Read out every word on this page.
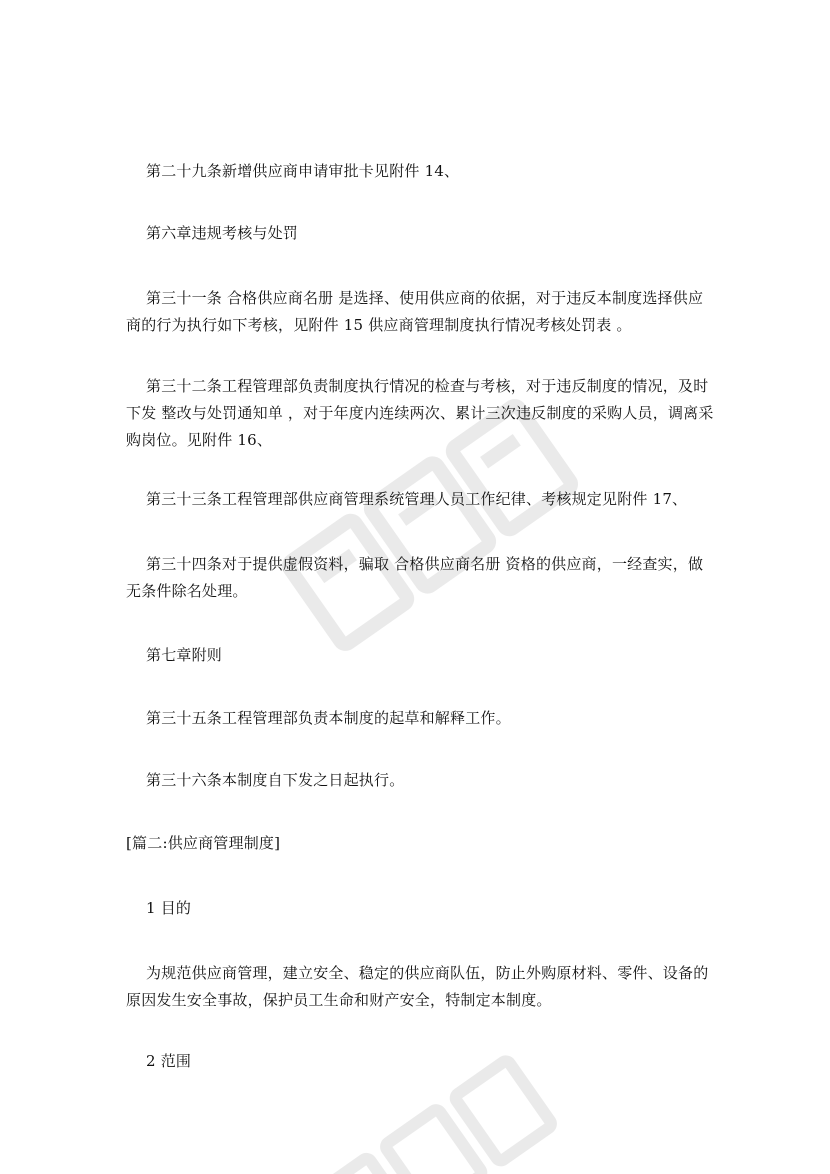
第二十九条新增供应商申请审批卡见附件 14、

第六章违规考核与处罚

第三十一条 合格供应商名册 是选择、使用供应商的依据，对于违反本制度选择供应商的行为执行如下考核，见附件 15 供应商管理制度执行情况考核处罚表 。

第三十二条工程管理部负责制度执行情况的检查与考核，对于违反制度的情况，及时下发 整改与处罚通知单 ，对于年度内连续两次、累计三次违反制度的采购人员，调离采购岗位。见附件 16、

第三十三条工程管理部供应商管理系统管理人员工作纪律、考核规定见附件 17、

第三十四条对于提供虚假资料，骗取 合格供应商名册 资格的供应商，一经查实，做无条件除名处理。

第七章附则

第三十五条工程管理部负责本制度的起草和解释工作。

第三十六条本制度自下发之日起执行。

[篇二:供应商管理制度]

1 目的

为规范供应商管理，建立安全、稳定的供应商队伍，防止外购原材料、零件、设备的原因发生安全事故，保护员工生命和财产安全，特制定本制度。

2 范围
